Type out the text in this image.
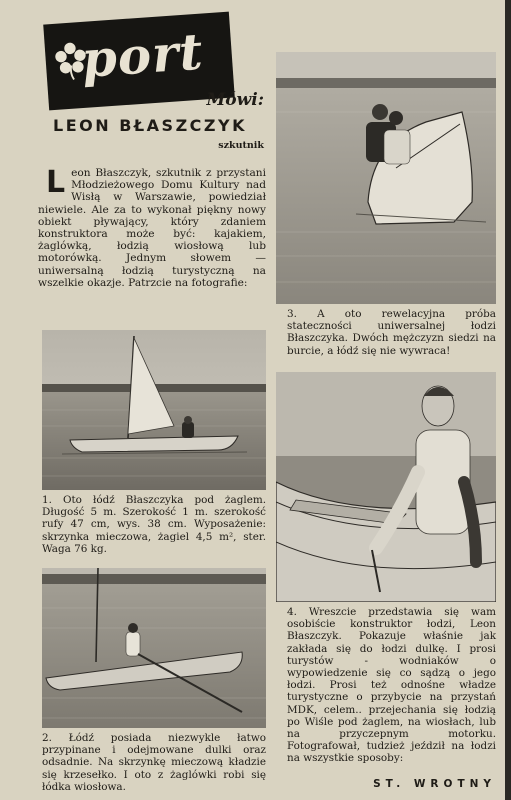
port
Mówi:
LEON BŁASZCZYK
szkutnik
L eon Błaszczyk, szkutnik z przystani Młodzieżowego Domu Kultury nad Wisłą w Warszawie, powiedział niewiele. Ale za to wykonał piękny nowy obiekt pływający, który zdaniem konstruktora może być: kajakiem, żaglówką, łodzią wiosłową lub motorówką. Jednym słowem — uniwersalną łodzią turystyczną na wszelkie okazje. Patrzcie na fotografie:
1. Oto łódź Błaszczyka pod żaglem. Długość 5 m. Szerokość 1 m. szerokość rufy 47 cm, wys. 38 cm. Wyposażenie: skrzynka mieczowa, żagiel 4,5 m², ster. Waga 76 kg.
2. Łódź posiada niezwykle łatwo przypinane i odejmowane dulki oraz odsadnie. Na skrzynkę mieczową kładzie się krzesełko. I oto z żaglówki robi się łódka wiosłowa.
3. A oto rewelacyjna próba stateczności uniwersalnej łodzi Błaszczyka. Dwóch mężczyzn siedzi na burcie, a łódź się nie wywraca!
4. Wreszcie przedstawia się wam osobiście konstruktor łodzi, Leon Błaszczyk. Pokazuje właśnie jak zakłada się do łodzi dulkę. I prosi turystów - wodniaków o wypowiedzenie się co sądzą o jego łodzi. Prosi też odnośne władze turystyczne o przybycie na przystań MDK, celem.. przejechania się łodzią po Wiśle pod żaglem, na wiosłach, lub na przyczepnym motorku. Fotografował, tudzież jeździł na łodzi na wszystkie sposoby:
ST. WROTNY
